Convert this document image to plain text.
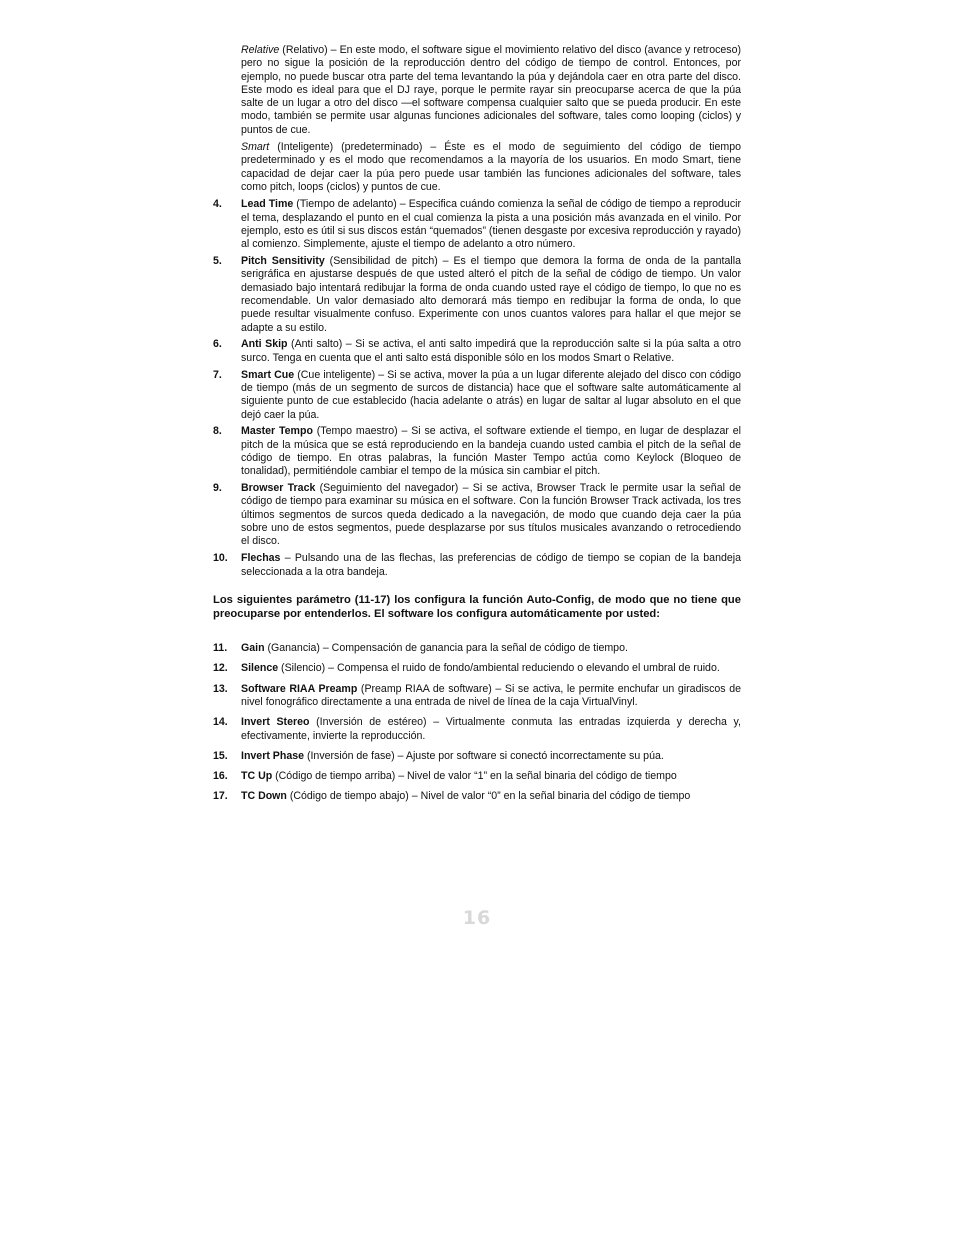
Relative (Relativo) – En este modo, el software sigue el movimiento relativo del disco (avance y retroceso) pero no sigue la posición de la reproducción dentro del código de tiempo de control. Entonces, por ejemplo, no puede buscar otra parte del tema levantando la púa y dejándola caer en otra parte del disco. Este modo es ideal para que el DJ raye, porque le permite rayar sin preocuparse acerca de que la púa salte de un lugar a otro del disco —el software compensa cualquier salto que se pueda producir. En este modo, también se permite usar algunas funciones adicionales del software, tales como looping (ciclos) y puntos de cue.

Smart (Inteligente) (predeterminado) – Éste es el modo de seguimiento del código de tiempo predeterminado y es el modo que recomendamos a la mayoría de los usuarios. En modo Smart, tiene capacidad de dejar caer la púa pero puede usar también las funciones adicionales del software, tales como pitch, loops (ciclos) y puntos de cue.

4.	Lead Time (Tiempo de adelanto) – Especifica cuándo comienza la señal de código de tiempo a reproducir el tema, desplazando el punto en el cual comienza la pista a una posición más avanzada en el vinilo. Por ejemplo, esto es útil si sus discos están “quemados” (tienen desgaste por excesiva reproducción y rayado) al comienzo. Simplemente, ajuste el tiempo de adelanto a otro número.
5.	Pitch Sensitivity (Sensibilidad de pitch) – Es el tiempo que demora la forma de onda de la pantalla serigráfica en ajustarse después de que usted alteró el pitch de la señal de código de tiempo. Un valor demasiado bajo intentará redibujar la forma de onda cuando usted raye el código de tiempo, lo que no es recomendable. Un valor demasiado alto demorará más tiempo en redibujar la forma de onda, lo que puede resultar visualmente confuso. Experimente con unos cuantos valores para hallar el que mejor se adapte a su estilo.
6.	Anti Skip (Anti salto) – Si se activa, el anti salto impedirá que la reproducción salte si la púa salta a otro surco. Tenga en cuenta que el anti salto está disponible sólo en los modos Smart o Relative.
7.	Smart Cue (Cue inteligente) – Si se activa, mover la púa a un lugar diferente alejado del disco con código de tiempo (más de un segmento de surcos de distancia) hace que el software salte automáticamente al siguiente punto de cue establecido (hacia adelante o atrás) en lugar de saltar al lugar absoluto en el que dejó caer la púa.
8.	Master Tempo (Tempo maestro) – Si se activa, el software extiende el tiempo, en lugar de desplazar el pitch de la música que se está reproduciendo en la bandeja cuando usted cambia el pitch de la señal de código de tiempo. En otras palabras, la función Master Tempo actúa como Keylock (Bloqueo de tonalidad), permitiéndole cambiar el tempo de la música sin cambiar el pitch.
9.	Browser Track (Seguimiento del navegador) – Si se activa, Browser Track le permite usar la señal de código de tiempo para examinar su música en el software. Con la función Browser Track activada, los tres últimos segmentos de surcos queda dedicado a la navegación, de modo que cuando deja caer la púa sobre uno de estos segmentos, puede desplazarse por sus títulos musicales avanzando o retrocediendo el disco.
10.	Flechas – Pulsando una de las flechas, las preferencias de código de tiempo se copian de la bandeja seleccionada a la otra bandeja.

Los siguientes parámetro (11-17) los configura la función Auto-Config, de modo que no tiene que preocuparse por entenderlos. El software los configura automáticamente por usted:

11.	Gain (Ganancia) – Compensación de ganancia para la señal de código de tiempo.
12.	Silence (Silencio) – Compensa el ruido de fondo/ambiental reduciendo o elevando el umbral de ruido.
13.	Software RIAA Preamp (Preamp RIAA de software) – Si se activa, le permite enchufar un giradiscos de nivel fonográfico directamente a una entrada de nivel de línea de la caja VirtualVinyl.
14.	Invert Stereo (Inversión de estéreo) – Virtualmente conmuta las entradas izquierda y derecha y, efectivamente, invierte la reproducción.
15.	Invert Phase (Inversión de fase) – Ajuste por software si conectó incorrectamente su púa.
16.	TC Up (Código de tiempo arriba) – Nivel de valor “1” en la señal binaria del código de tiempo
17.	TC Down (Código de tiempo abajo) – Nivel de valor “0” en la señal binaria del código de tiempo
16
